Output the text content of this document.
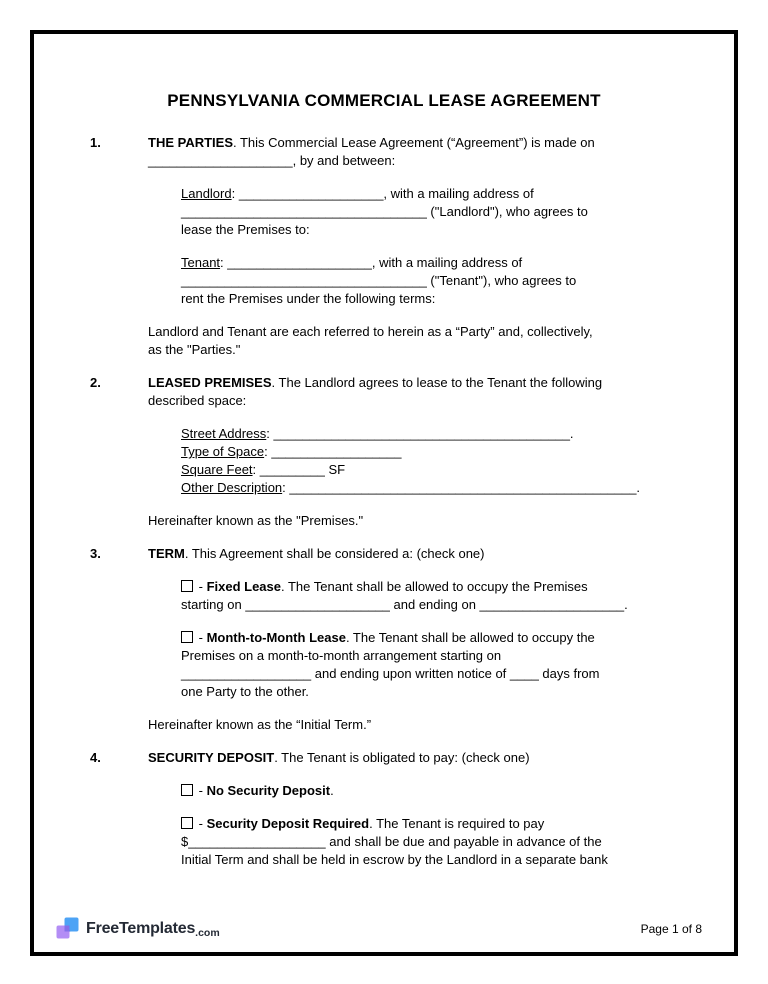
PENNSYLVANIA COMMERCIAL LEASE AGREEMENT
1.	THE PARTIES. This Commercial Lease Agreement (“Agreement”) is made on
____________________, by and between:

Landlord: ____________________, with a mailing address of
__________________________________ ("Landlord"), who agrees to
lease the Premises to:

Tenant: ____________________, with a mailing address of
__________________________________ ("Tenant"), who agrees to
rent the Premises under the following terms:

Landlord and Tenant are each referred to herein as a “Party” and, collectively,
as the "Parties."

2.	LEASED PREMISES. The Landlord agrees to lease to the Tenant the following
described space:

Street Address: _________________________________________.
Type of Space: __________________
Square Feet: _________ SF
Other Description: ________________________________________________.

Hereinafter known as the "Premises."

3.	TERM. This Agreement shall be considered a: (check one)

- Fixed Lease. The Tenant shall be allowed to occupy the Premises
starting on ____________________ and ending on ____________________.

- Month-to-Month Lease. The Tenant shall be allowed to occupy the
Premises on a month-to-month arrangement starting on
__________________ and ending upon written notice of ____ days from
one Party to the other.

Hereinafter known as the “Initial Term.”

4.	SECURITY DEPOSIT. The Tenant is obligated to pay: (check one)

- No Security Deposit.

- Security Deposit Required. The Tenant is required to pay
$___________________ and shall be due and payable in advance of the
Initial Term and shall be held in escrow by the Landlord in a separate bank

FreeTemplates .com	Page 1 of 8
